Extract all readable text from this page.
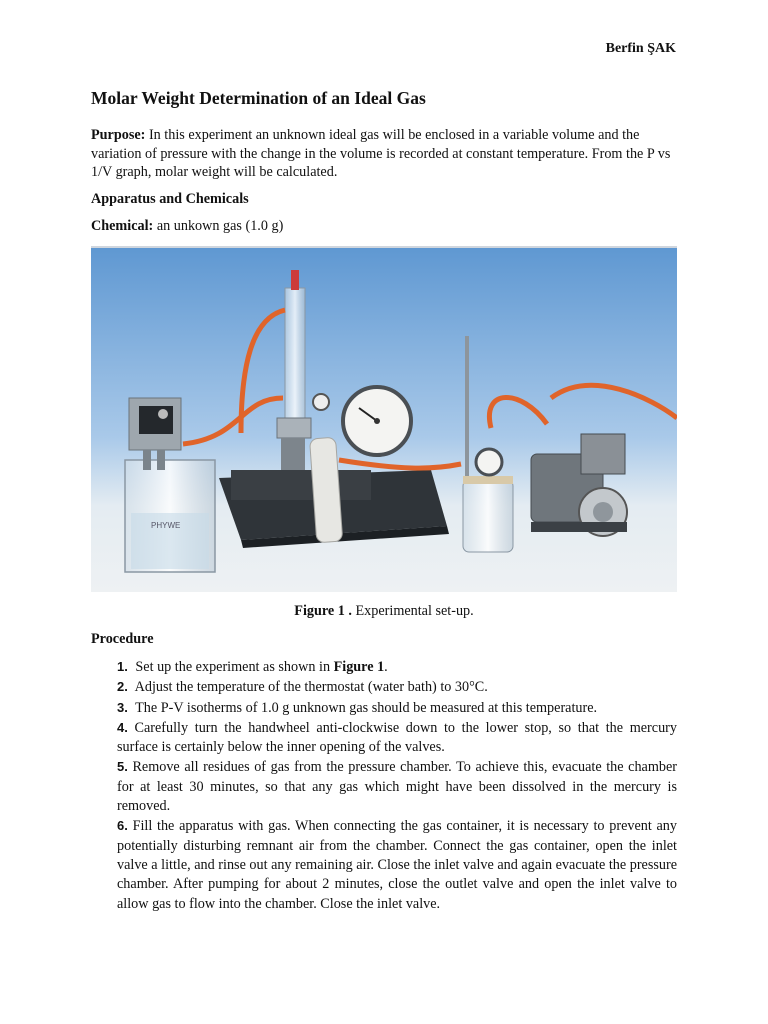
Berfin ŞAK
Molar Weight Determination of an Ideal Gas

Purpose: In this experiment an unknown ideal gas will be enclosed in a variable volume and the variation of pressure with the change in the volume is recorded at constant temperature. From the P vs 1/V graph, molar weight will be calculated.

Apparatus and Chemicals

Chemical: an unkown gas (1.0 g)

PHYWE

Figure 1 . Experimental set-up.

Procedure
1. Set up the experiment as shown in Figure 1.
2. Adjust the temperature of the thermostat (water bath) to 30°C.
3. The P-V isotherms of 1.0 g unknown gas should be measured at this temperature.
4. Carefully turn the handwheel anti-clockwise down to the lower stop, so that the mercury surface is certainly below the inner opening of the valves.
5. Remove all residues of gas from the pressure chamber. To achieve this, evacuate the chamber for at least 30 minutes, so that any gas which might have been dissolved in the mercury is removed.
6. Fill the apparatus with gas. When connecting the gas container, it is necessary to prevent any potentially disturbing remnant air from the chamber. Connect the gas container, open the inlet valve a little, and rinse out any remaining air. Close the inlet valve and again evacuate the pressure chamber. After pumping for about 2 minutes, close the outlet valve and open the inlet valve to allow gas to flow into the chamber. Close the inlet valve.
